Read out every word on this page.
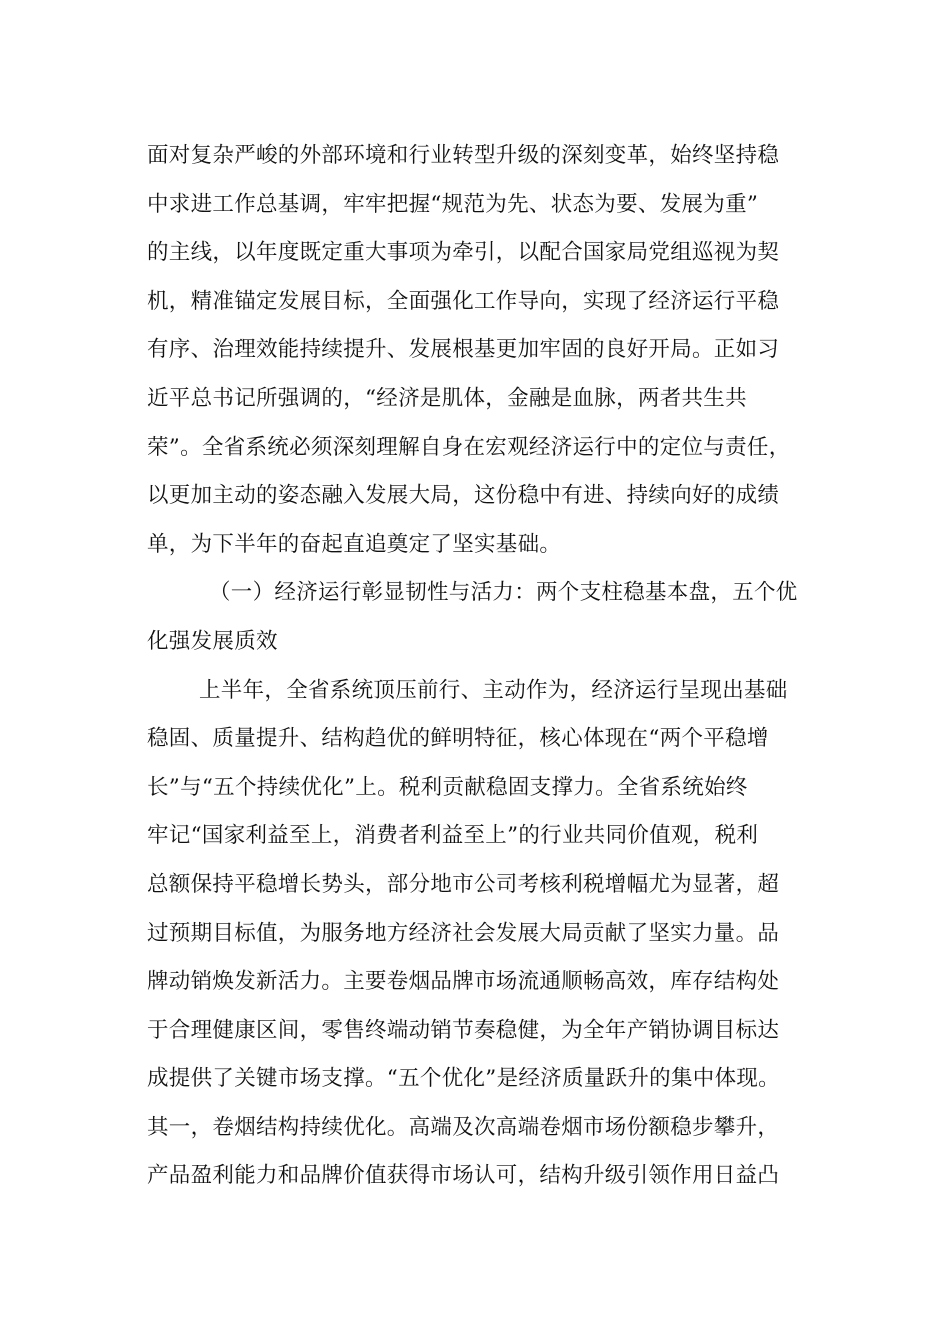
面对复杂严峻的外部环境和行业转型升级的深刻变革，始终坚持稳
中求进工作总基调，牢牢把握“规范为先、状态为要、发展为重”
的主线，以年度既定重大事项为牵引，以配合国家局党组巡视为契
机，精准锚定发展目标，全面强化工作导向，实现了经济运行平稳
有序、治理效能持续提升、发展根基更加牢固的良好开局。正如习
近平总书记所强调的，“经济是肌体，金融是血脉，两者共生共
荣”。全省系统必须深刻理解自身在宏观经济运行中的定位与责任，
以更加主动的姿态融入发展大局，这份稳中有进、持续向好的成绩
单，为下半年的奋起直追奠定了坚实基础。
（一）经济运行彰显韧性与活力：两个支柱稳基本盘，五个优
化强发展质效
上半年，全省系统顶压前行、主动作为，经济运行呈现出基础
稳固、质量提升、结构趋优的鲜明特征，核心体现在“两个平稳增
长”与“五个持续优化”上。税利贡献稳固支撑力。全省系统始终
牢记“国家利益至上，消费者利益至上”的行业共同价值观，税利
总额保持平稳增长势头，部分地市公司考核利税增幅尤为显著，超
过预期目标值，为服务地方经济社会发展大局贡献了坚实力量。品
牌动销焕发新活力。主要卷烟品牌市场流通顺畅高效，库存结构处
于合理健康区间，零售终端动销节奏稳健，为全年产销协调目标达
成提供了关键市场支撑。“五个优化”是经济质量跃升的集中体现。
其一，卷烟结构持续优化。高端及次高端卷烟市场份额稳步攀升，
产品盈利能力和品牌价值获得市场认可，结构升级引领作用日益凸
